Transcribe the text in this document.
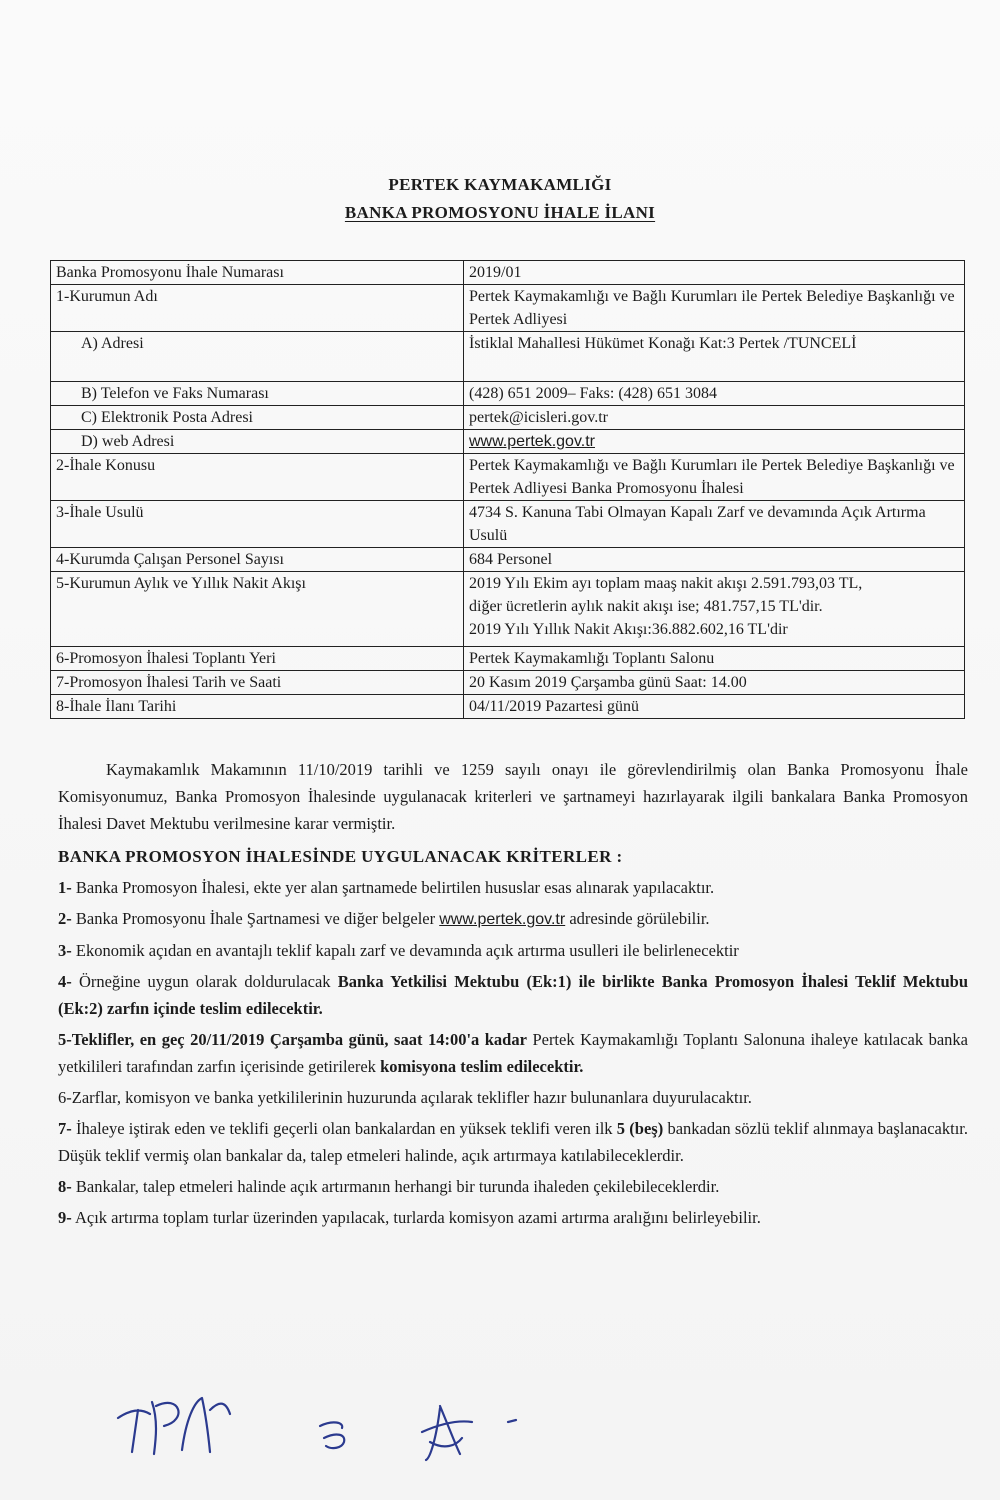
PERTEK KAYMAKAMLIĞI
BANKA PROMOSYONU İHALE İLANI
Banka Promosyonu İhale Numarası	2019/01
1-Kurumun Adı	Pertek Kaymakamlığı ve Bağlı Kurumları ile Pertek Belediye Başkanlığı ve Pertek Adliyesi
A) Adresi	İstiklal Mahallesi Hükümet Konağı Kat:3 Pertek /TUNCELİ
B) Telefon ve Faks Numarası	(428) 651 2009– Faks: (428) 651 3084
C) Elektronik Posta Adresi	pertek@icisleri.gov.tr
D) web Adresi	www.pertek.gov.tr
2-İhale Konusu	Pertek Kaymakamlığı ve Bağlı Kurumları ile Pertek Belediye Başkanlığı ve Pertek Adliyesi Banka Promosyonu İhalesi
3-İhale Usulü	4734 S. Kanuna Tabi Olmayan Kapalı Zarf ve devamında Açık Artırma Usulü
4-Kurumda Çalışan Personel Sayısı	684 Personel
5-Kurumun Aylık ve Yıllık Nakit Akışı	2019 Yılı Ekim ayı toplam maaş nakit akışı 2.591.793,03 TL,
diğer ücretlerin aylık nakit akışı ise; 481.757,15 TL'dir.
2019 Yılı Yıllık Nakit Akışı:36.882.602,16 TL'dir

6-Promosyon İhalesi Toplantı Yeri	Pertek Kaymakamlığı Toplantı Salonu
7-Promosyon İhalesi Tarih ve Saati	20 Kasım 2019 Çarşamba günü Saat: 14.00
8-İhale İlanı Tarihi	04/11/2019 Pazartesi günü

Kaymakamlık Makamının 11/10/2019 tarihli ve 1259 sayılı onayı ile görevlendirilmiş olan Banka Promosyonu İhale Komisyonumuz, Banka Promosyon İhalesinde uygulanacak kriterleri ve şartnameyi hazırlayarak ilgili bankalara Banka Promosyon İhalesi Davet Mektubu verilmesine karar vermiştir.

BANKA PROMOSYON İHALESİNDE UYGULANACAK KRİTERLER :

1- Banka Promosyon İhalesi, ekte yer alan şartnamede belirtilen hususlar esas alınarak yapılacaktır.

2- Banka Promosyonu İhale Şartnamesi ve diğer belgeler www.pertek.gov.tr adresinde görülebilir.

3- Ekonomik açıdan en avantajlı teklif kapalı zarf ve devamında açık artırma usulleri ile belirlenecektir

4- Örneğine uygun olarak doldurulacak Banka Yetkilisi Mektubu (Ek:1) ile birlikte Banka Promosyon İhalesi Teklif Mektubu (Ek:2) zarfın içinde teslim edilecektir.

5-Teklifler, en geç 20/11/2019 Çarşamba günü, saat 14:00'a kadar Pertek Kaymakamlığı Toplantı Salonuna ihaleye katılacak banka yetkilileri tarafından zarfın içerisinde getirilerek komisyona teslim edilecektir.

6-Zarflar, komisyon ve banka yetkililerinin huzurunda açılarak teklifler hazır bulunanlara duyurulacaktır.

7- İhaleye iştirak eden ve teklifi geçerli olan bankalardan en yüksek teklifi veren ilk 5 (beş) bankadan sözlü teklif alınmaya başlanacaktır. Düşük teklif vermiş olan bankalar da, talep etmeleri halinde, açık artırmaya katılabileceklerdir.

8- Bankalar, talep etmeleri halinde açık artırmanın herhangi bir turunda ihaleden çekilebileceklerdir.

9- Açık artırma toplam turlar üzerinden yapılacak, turlarda komisyon azami artırma aralığını belirleyebilir.
